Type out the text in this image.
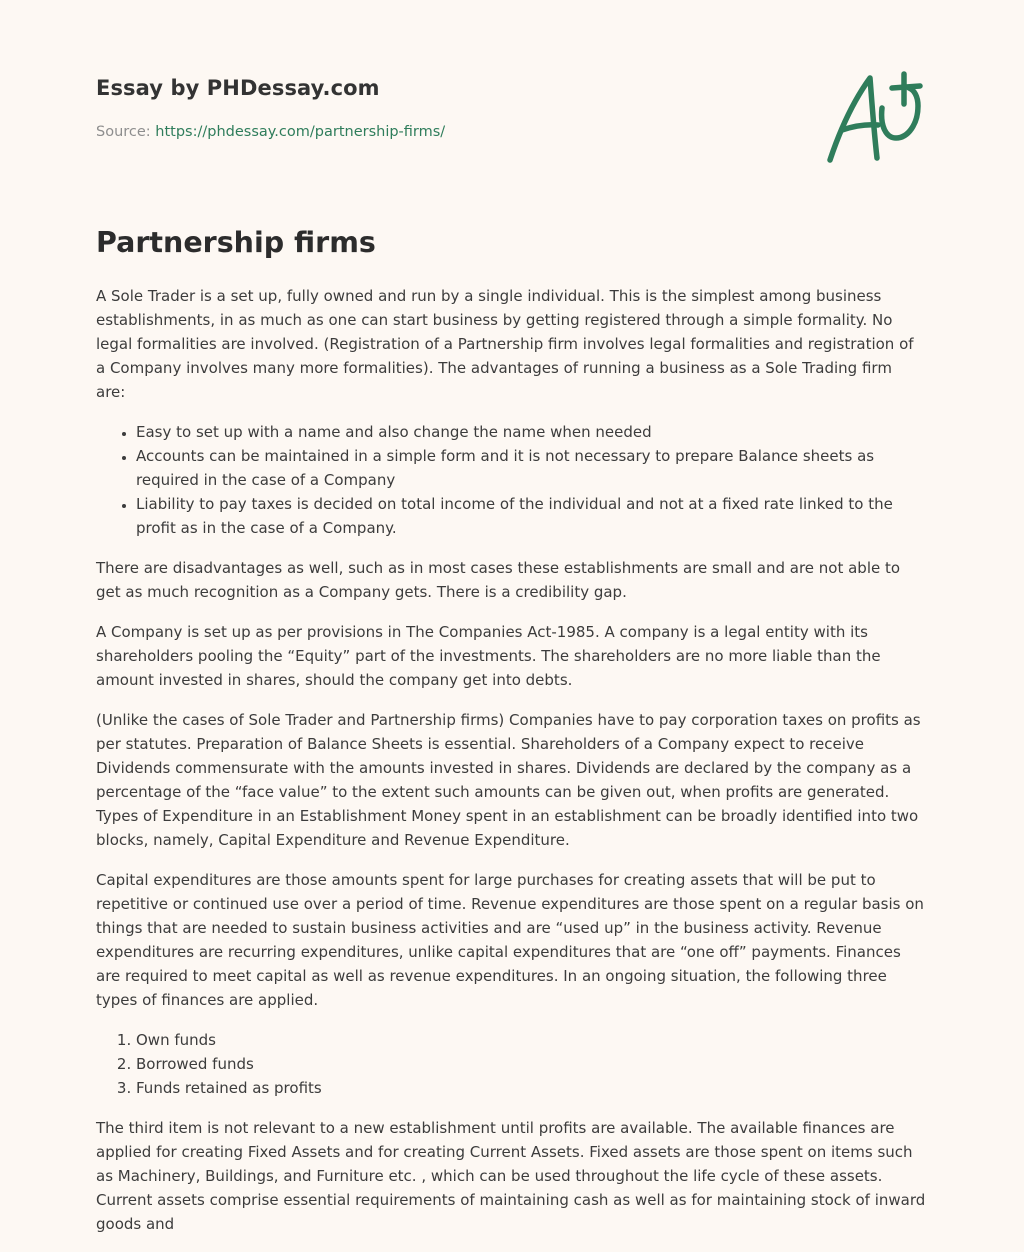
Essay by PHDessay.com
Source: https://phdessay.com/partnership-firms/
Partnership firms

A Sole Trader is a set up, fully owned and run by a single individual. This is the simplest among business establishments, in as much as one can start business by getting registered through a simple formality. No legal formalities are involved. (Registration of a Partnership firm involves legal formalities and registration of a Company involves many more formalities). The advantages of running a business as a Sole Trading firm are:

• Easy to set up with a name and also change the name when needed
• Accounts can be maintained in a simple form and it is not necessary to prepare Balance sheets as required in the case of a Company
• Liability to pay taxes is decided on total income of the individual and not at a fixed rate linked to the profit as in the case of a Company.

There are disadvantages as well, such as in most cases these establishments are small and are not able to get as much recognition as a Company gets. There is a credibility gap.

A Company is set up as per provisions in The Companies Act-1985. A company is a legal entity with its shareholders pooling the “Equity” part of the investments. The shareholders are no more liable than the amount invested in shares, should the company get into debts.

(Unlike the cases of Sole Trader and Partnership firms) Companies have to pay corporation taxes on profits as per statutes. Preparation of Balance Sheets is essential. Shareholders of a Company expect to receive Dividends commensurate with the amounts invested in shares. Dividends are declared by the company as a percentage of the “face value” to the extent such amounts can be given out, when profits are generated. Types of Expenditure in an Establishment Money spent in an establishment can be broadly identified into two blocks, namely, Capital Expenditure and Revenue Expenditure.

Capital expenditures are those amounts spent for large purchases for creating assets that will be put to repetitive or continued use over a period of time. Revenue expenditures are those spent on a regular basis on things that are needed to sustain business activities and are “used up” in the business activity. Revenue expenditures are recurring expenditures, unlike capital expenditures that are “one off” payments. Finances are required to meet capital as well as revenue expenditures. In an ongoing situation, the following three types of finances are applied.

1. Own funds
2. Borrowed funds
3. Funds retained as profits

The third item is not relevant to a new establishment until profits are available. The available finances are applied for creating Fixed Assets and for creating Current Assets. Fixed assets are those spent on items such as Machinery, Buildings, and Furniture etc. , which can be used throughout the life cycle of these assets. Current assets comprise essential requirements of maintaining cash as well as for maintaining stock of inward goods and
